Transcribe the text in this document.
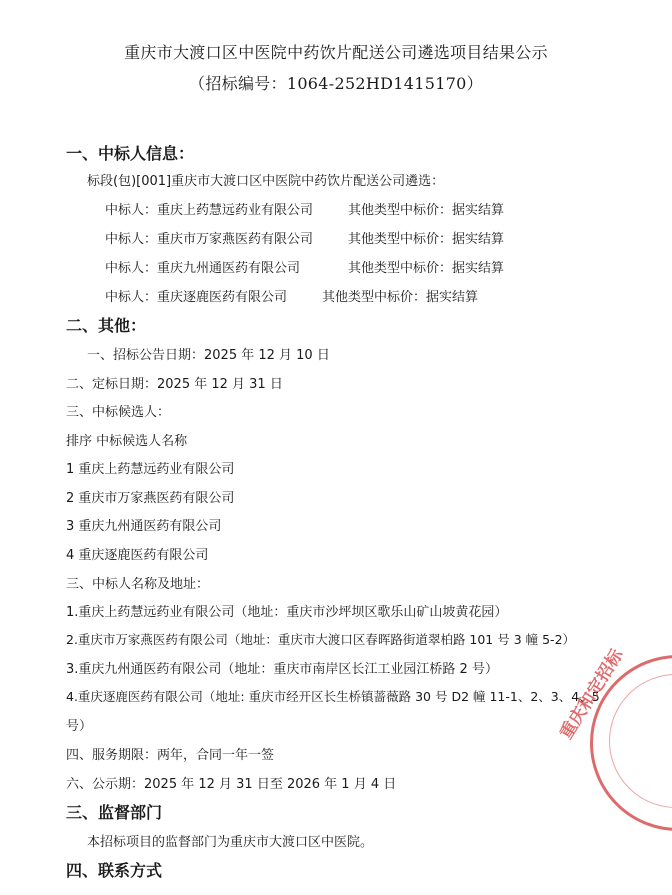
重庆市大渡口区中医院中药饮片配送公司遴选项目结果公示
（招标编号：1064-252HD1415170）
一、中标人信息：
标段(包)[001]重庆市大渡口区中医院中药饮片配送公司遴选：
中标人：重庆上药慧远药业有限公司	其他类型中标价：据实结算
中标人：重庆市万家燕医药有限公司	其他类型中标价：据实结算
中标人：重庆九州通医药有限公司	其他类型中标价：据实结算
中标人：重庆逐鹿医药有限公司	其他类型中标价：据实结算
二、其他：
一、招标公告日期：2025 年 12 月 10 日
二、定标日期：2025 年 12 月 31 日
三、中标候选人：
排序 中标候选人名称
1 重庆上药慧远药业有限公司
2 重庆市万家燕医药有限公司
3 重庆九州通医药有限公司
4 重庆逐鹿医药有限公司
三、中标人名称及地址：
1.重庆上药慧远药业有限公司（地址：重庆市沙坪坝区歌乐山矿山坡黄花园）
2.重庆市万家燕医药有限公司（地址：重庆市大渡口区春晖路街道翠柏路 101 号 3 幢 5-2）
3.重庆九州通医药有限公司（地址：重庆市南岸区长江工业园江桥路 2 号）
4.重庆逐鹿医药有限公司（地址: 重庆市经开区长生桥镇蔷薇路 30 号 D2 幢 11-1、2、3、4、5
号）
四、服务期限：两年，合同一年一签
六、公示期：2025 年 12 月 31 日至 2026 年 1 月 4 日
三、监督部门
本招标项目的监督部门为重庆市大渡口区中医院。
四、联系方式
重庆和定招标
